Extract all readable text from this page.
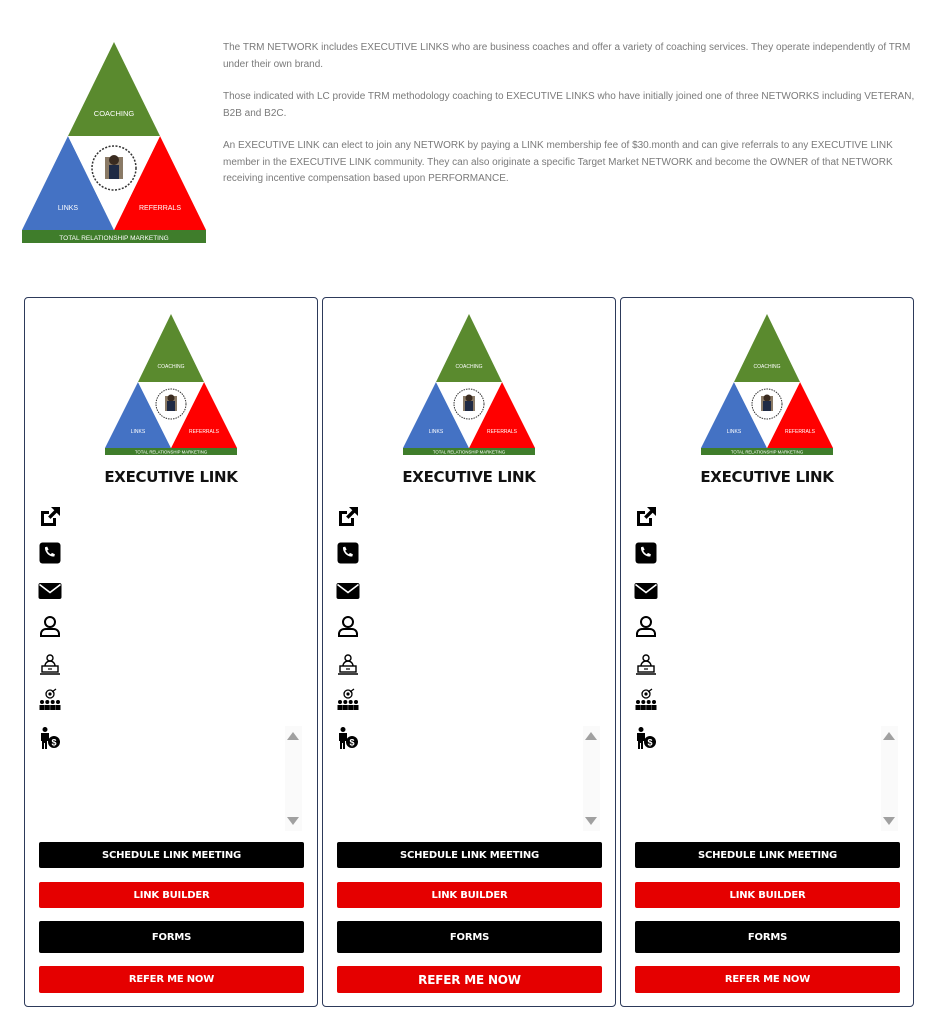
COACHING
LINKS	REFERRALS
TOTAL RELATIONSHIP MARKETING

The TRM NETWORK includes EXECUTIVE LINKS who are business coaches and offer a variety of coaching services. They operate independently of TRM under their own brand.

Those indicated with LC provide TRM methodology coaching to EXECUTIVE LINKS who have initially joined one of three NETWORKS including VETERAN, B2B and B2C.

An EXECUTIVE LINK can elect to join any NETWORK by paying a LINK membership fee of $30.month and can give referrals to any EXECUTIVE LINK member in the EXECUTIVE LINK community. They can also originate a specific Target Market NETWORK and become the OWNER of that NETWORK receiving incentive compensation based upon PERFORMANCE.

COACHING
LINKS	REFERRALS
TOTAL RELATIONSHIP MARKETING
EXECUTIVE LINK
$
SCHEDULE LINK MEETING
LINK BUILDER
FORMS
REFER ME NOW
COACHING
LINKS	REFERRALS
TOTAL RELATIONSHIP MARKETING
EXECUTIVE LINK
$
SCHEDULE LINK MEETING
LINK BUILDER
FORMS
REFER ME NOW
COACHING
LINKS	REFERRALS
TOTAL RELATIONSHIP MARKETING
EXECUTIVE LINK
$
SCHEDULE LINK MEETING
LINK BUILDER
FORMS
REFER ME NOW
